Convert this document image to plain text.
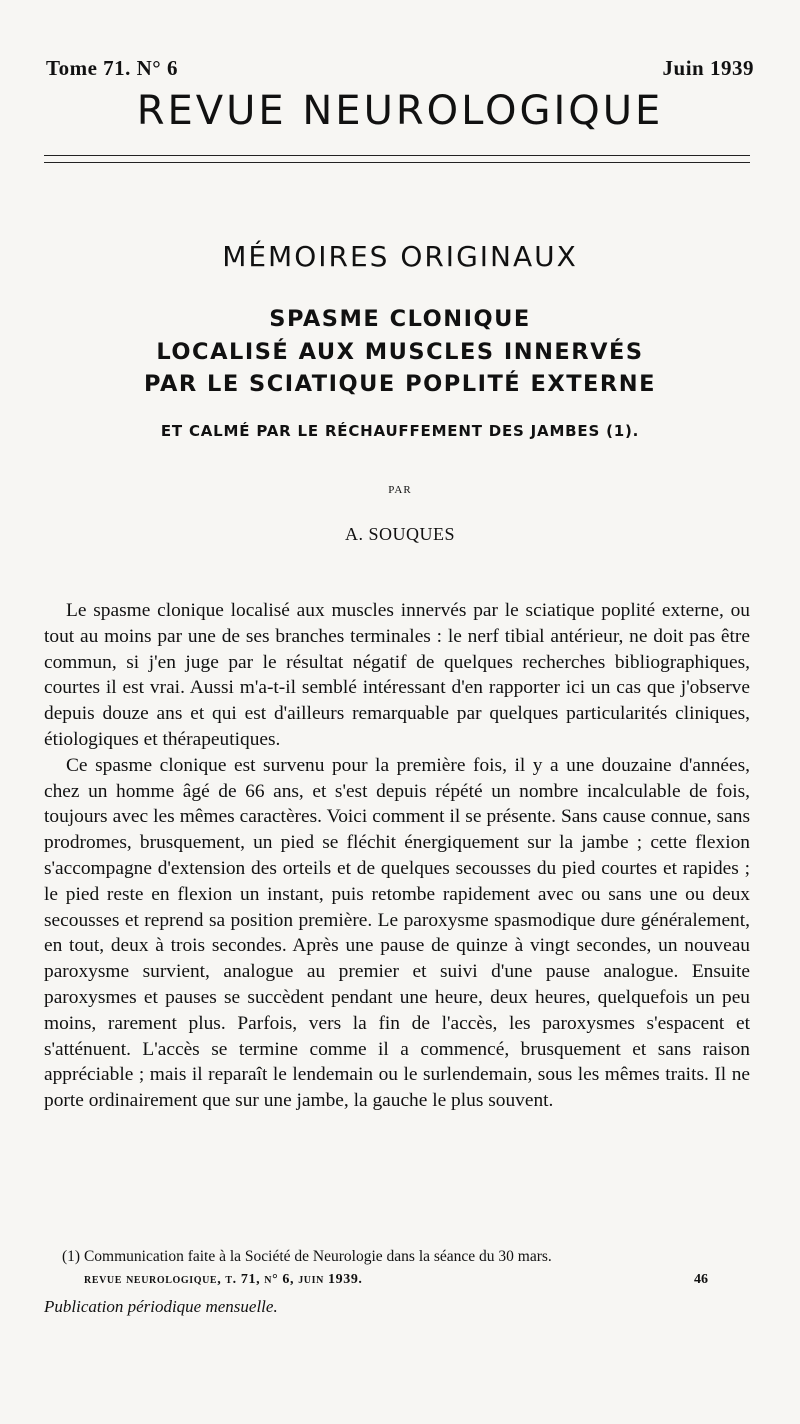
Tome 71. N° 6	Juin 1939
REVUE NEUROLOGIQUE
MÉMOIRES ORIGINAUX
SPASME CLONIQUE
LOCALISÉ AUX MUSCLES INNERVÉS
PAR LE SCIATIQUE POPLITÉ EXTERNE
ET CALMÉ PAR LE RÉCHAUFFEMENT DES JAMBES (1).
PAR
A. SOUQUES

Le spasme clonique localisé aux muscles innervés par le sciatique poplité externe, ou tout au moins par une de ses branches terminales : le nerf tibial antérieur, ne doit pas être commun, si j'en juge par le résultat négatif de quelques recherches bibliographiques, courtes il est vrai. Aussi m'a-t-il semblé intéressant d'en rapporter ici un cas que j'observe depuis douze ans et qui est d'ailleurs remarquable par quelques particularités cliniques, étiologiques et thérapeutiques.

Ce spasme clonique est survenu pour la première fois, il y a une douzaine d'années, chez un homme âgé de 66 ans, et s'est depuis répété un nombre incalculable de fois, toujours avec les mêmes caractères. Voici comment il se présente. Sans cause connue, sans prodromes, brusquement, un pied se fléchit énergiquement sur la jambe ; cette flexion s'accompagne d'extension des orteils et de quelques secousses du pied courtes et rapides ; le pied reste en flexion un instant, puis retombe rapidement avec ou sans une ou deux secousses et reprend sa position première. Le paroxysme spasmodique dure généralement, en tout, deux à trois secondes. Après une pause de quinze à vingt secondes, un nouveau paroxysme survient, analogue au premier et suivi d'une pause analogue. Ensuite paroxysmes et pauses se succèdent pendant une heure, deux heures, quelquefois un peu moins, rarement plus. Parfois, vers la fin de l'accès, les paroxysmes s'espacent et s'atténuent. L'accès se termine comme il a commencé, brusquement et sans raison appréciable ; mais il reparaît le lendemain ou le surlendemain, sous les mêmes traits. Il ne porte ordinairement que sur une jambe, la gauche le plus souvent.

(1) Communication faite à la Société de Neurologie dans la séance du 30 mars.
revue neurologique, t. 71, n° 6, juin 1939.	46
Publication périodique mensuelle.
